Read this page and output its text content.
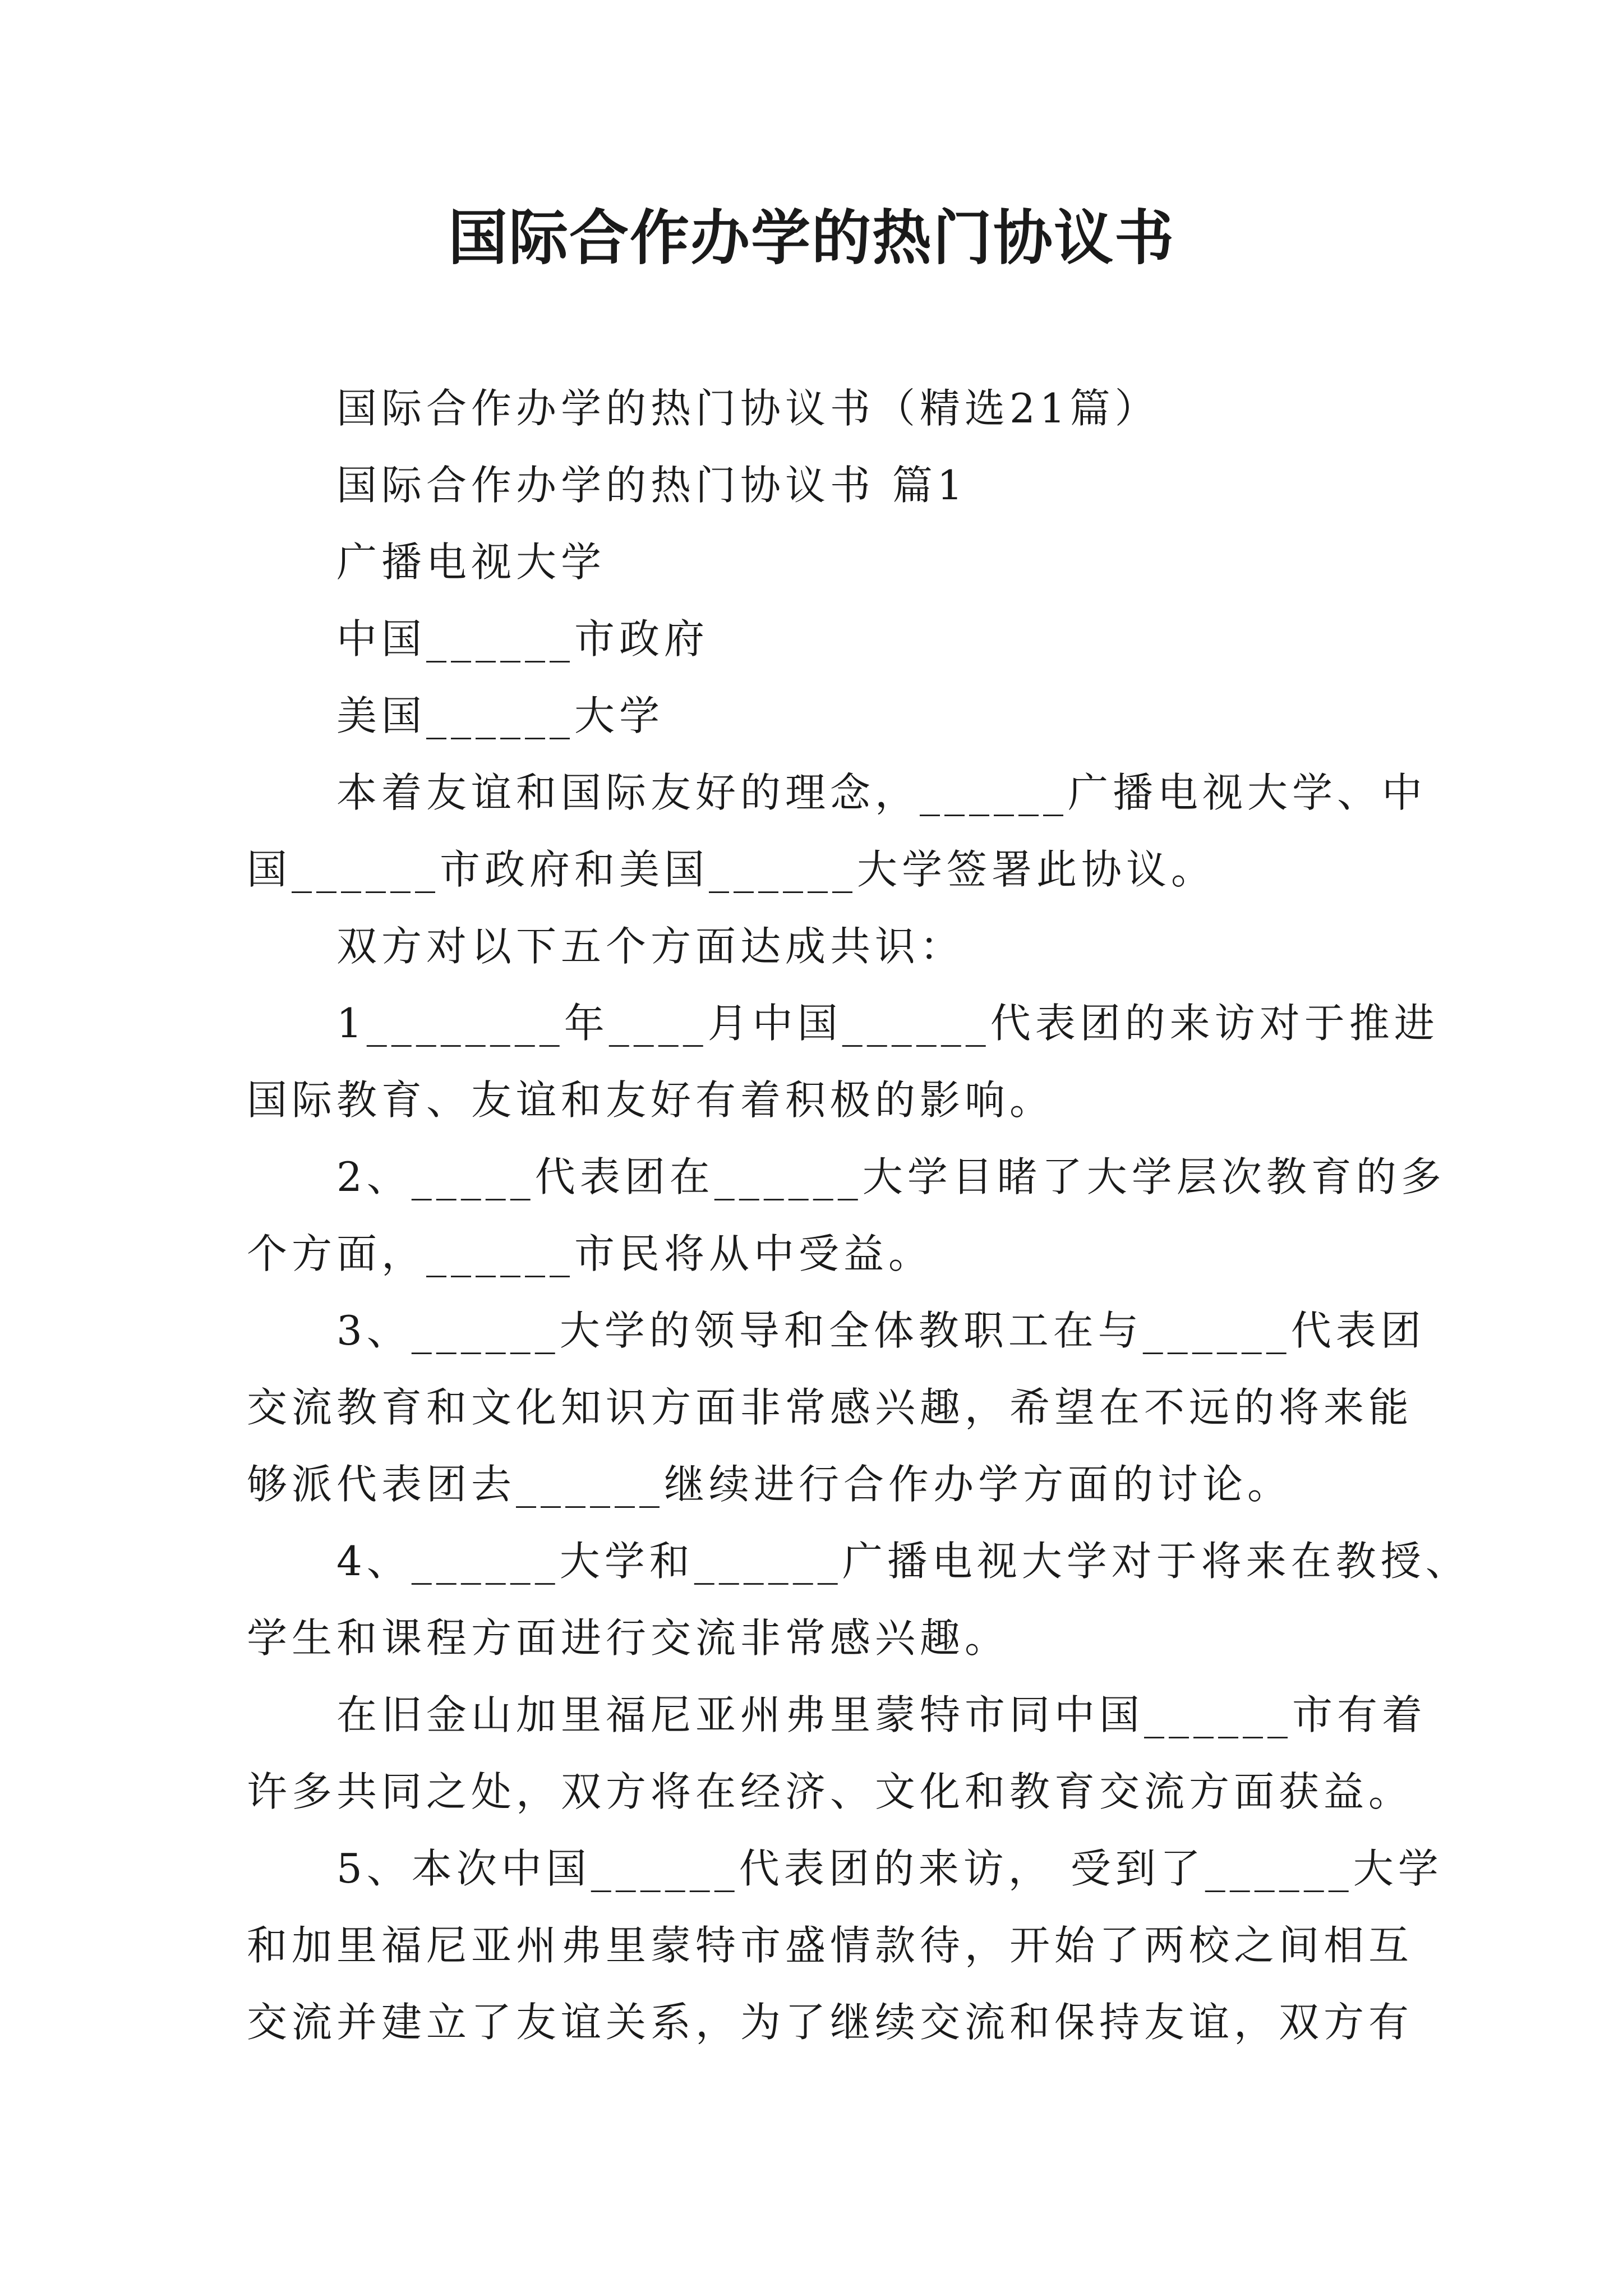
国际合作办学的热门协议书
国际合作办学的热门协议书（精选21篇）
国际合作办学的热门协议书 篇1
广播电视大学
中国______市政府
美国______大学
本着友谊和国际友好的理念，______广播电视大学、中
国______市政府和美国______大学签署此协议。
双方对以下五个方面达成共识：
1________年____月中国______代表团的来访对于推进
国际教育、友谊和友好有着积极的影响。
2、_____代表团在______大学目睹了大学层次教育的多
个方面，______市民将从中受益。
3、______大学的领导和全体教职工在与______代表团
交流教育和文化知识方面非常感兴趣，希望在不远的将来能
够派代表团去______继续进行合作办学方面的讨论。
4、______大学和______广播电视大学对于将来在教授、
学生和课程方面进行交流非常感兴趣。
在旧金山加里福尼亚州弗里蒙特市同中国______市有着
许多共同之处，双方将在经济、文化和教育交流方面获益。
5、本次中国______代表团的来访， 受到了______大学
和加里福尼亚州弗里蒙特市盛情款待，开始了两校之间相互
交流并建立了友谊关系，为了继续交流和保持友谊，双方有
